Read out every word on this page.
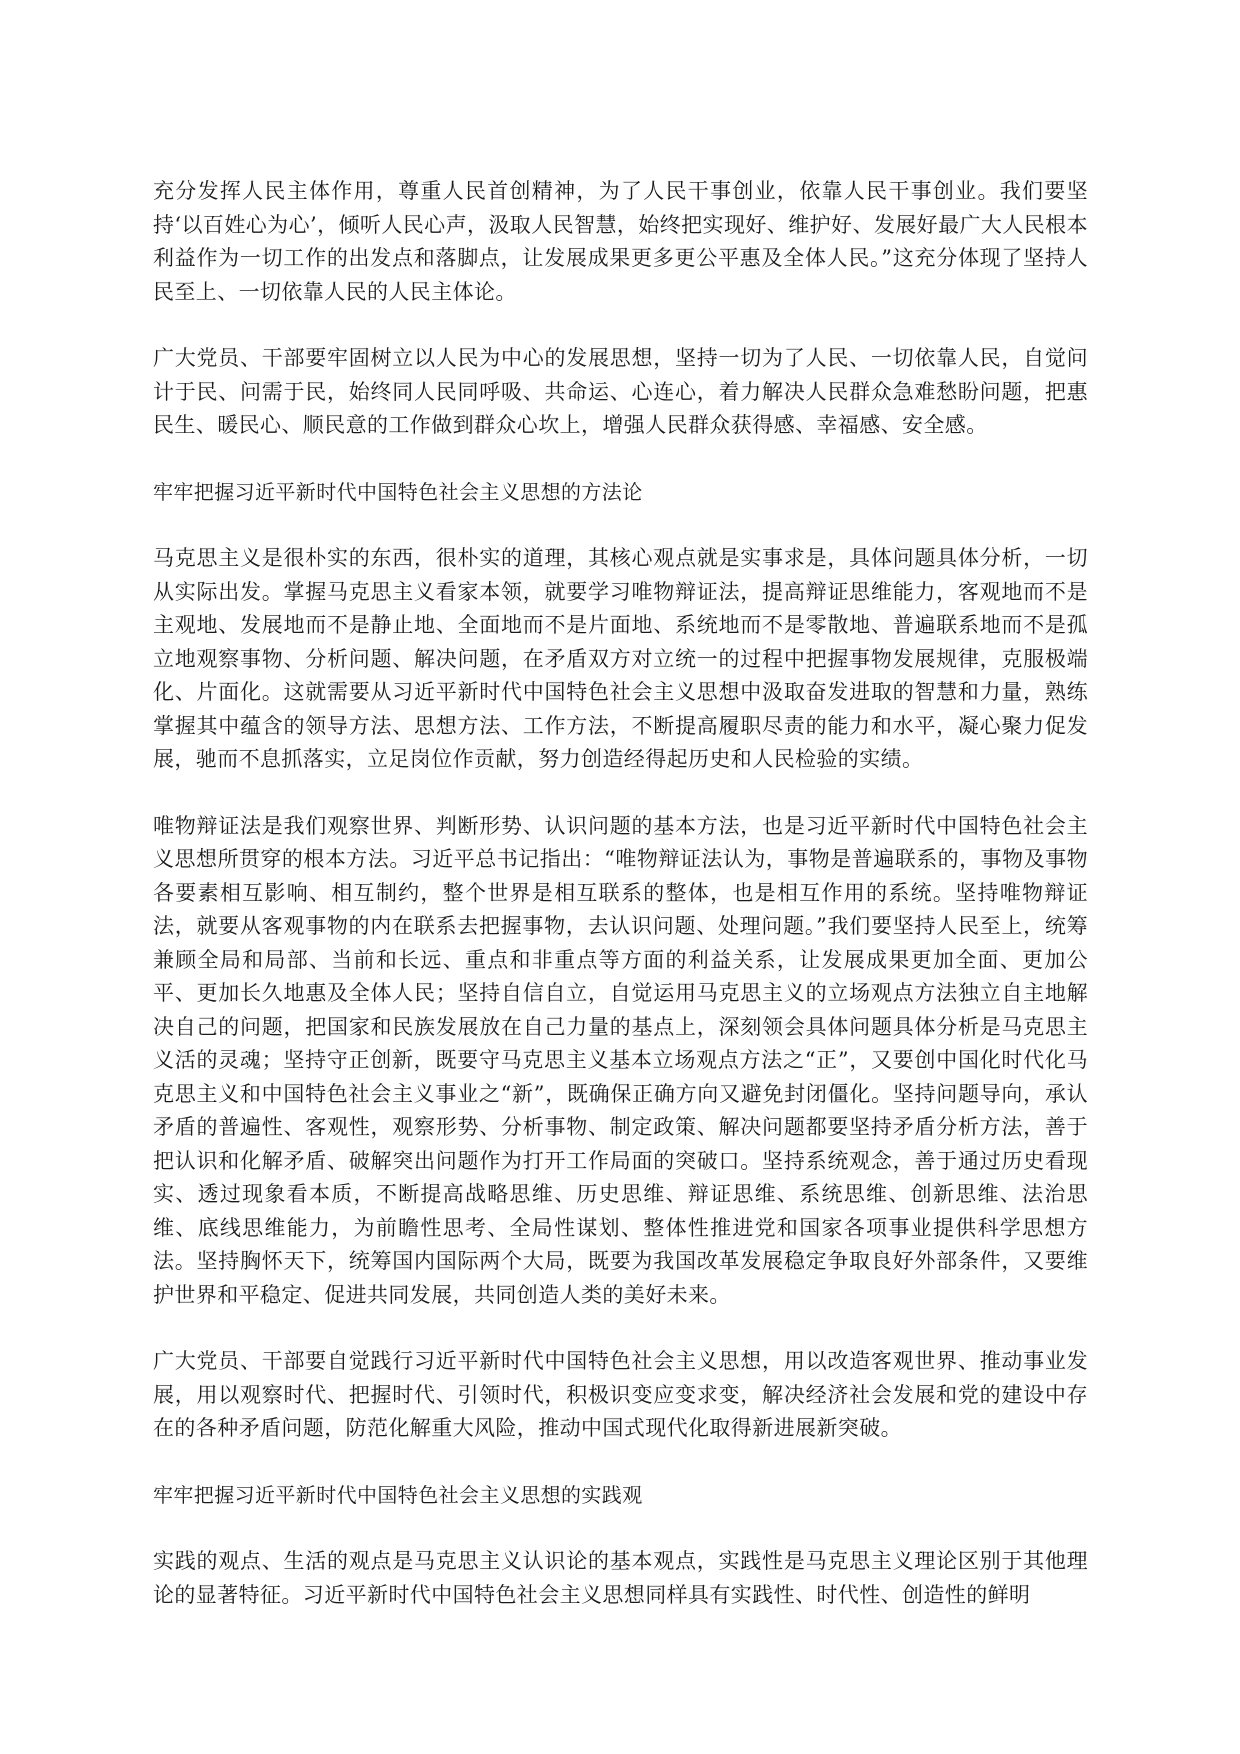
充分发挥人民主体作用，尊重人民首创精神，为了人民干事创业，依靠人民干事创业。我们要坚持‘以百姓心为心’，倾听人民心声，汲取人民智慧，始终把实现好、维护好、发展好最广大人民根本利益作为一切工作的出发点和落脚点，让发展成果更多更公平惠及全体人民。”这充分体现了坚持人民至上、一切依靠人民的人民主体论。

广大党员、干部要牢固树立以人民为中心的发展思想，坚持一切为了人民、一切依靠人民，自觉问计于民、问需于民，始终同人民同呼吸、共命运、心连心，着力解决人民群众急难愁盼问题，把惠民生、暖民心、顺民意的工作做到群众心坎上，增强人民群众获得感、幸福感、安全感。

牢牢把握习近平新时代中国特色社会主义思想的方法论

马克思主义是很朴实的东西，很朴实的道理，其核心观点就是实事求是，具体问题具体分析，一切从实际出发。掌握马克思主义看家本领，就要学习唯物辩证法，提高辩证思维能力，客观地而不是主观地、发展地而不是静止地、全面地而不是片面地、系统地而不是零散地、普遍联系地而不是孤立地观察事物、分析问题、解决问题，在矛盾双方对立统一的过程中把握事物发展规律，克服极端化、片面化。这就需要从习近平新时代中国特色社会主义思想中汲取奋发进取的智慧和力量，熟练掌握其中蕴含的领导方法、思想方法、工作方法，不断提高履职尽责的能力和水平，凝心聚力促发展，驰而不息抓落实，立足岗位作贡献，努力创造经得起历史和人民检验的实绩。

唯物辩证法是我们观察世界、判断形势、认识问题的基本方法，也是习近平新时代中国特色社会主义思想所贯穿的根本方法。习近平总书记指出：“唯物辩证法认为，事物是普遍联系的，事物及事物各要素相互影响、相互制约，整个世界是相互联系的整体，也是相互作用的系统。坚持唯物辩证法，就要从客观事物的内在联系去把握事物，去认识问题、处理问题。”我们要坚持人民至上，统筹兼顾全局和局部、当前和长远、重点和非重点等方面的利益关系，让发展成果更加全面、更加公平、更加长久地惠及全体人民；坚持自信自立，自觉运用马克思主义的立场观点方法独立自主地解决自己的问题，把国家和民族发展放在自己力量的基点上，深刻领会具体问题具体分析是马克思主义活的灵魂；坚持守正创新，既要守马克思主义基本立场观点方法之“正”，又要创中国化时代化马克思主义和中国特色社会主义事业之“新”，既确保正确方向又避免封闭僵化。坚持问题导向，承认矛盾的普遍性、客观性，观察形势、分析事物、制定政策、解决问题都要坚持矛盾分析方法，善于把认识和化解矛盾、破解突出问题作为打开工作局面的突破口。坚持系统观念，善于通过历史看现实、透过现象看本质，不断提高战略思维、历史思维、辩证思维、系统思维、创新思维、法治思维、底线思维能力，为前瞻性思考、全局性谋划、整体性推进党和国家各项事业提供科学思想方法。坚持胸怀天下，统筹国内国际两个大局，既要为我国改革发展稳定争取良好外部条件，又要维护世界和平稳定、促进共同发展，共同创造人类的美好未来。

广大党员、干部要自觉践行习近平新时代中国特色社会主义思想，用以改造客观世界、推动事业发展，用以观察时代、把握时代、引领时代，积极识变应变求变，解决经济社会发展和党的建设中存在的各种矛盾问题，防范化解重大风险，推动中国式现代化取得新进展新突破。

牢牢把握习近平新时代中国特色社会主义思想的实践观

实践的观点、生活的观点是马克思主义认识论的基本观点，实践性是马克思主义理论区别于其他理论的显著特征。习近平新时代中国特色社会主义思想同样具有实践性、时代性、创造性的鲜明
